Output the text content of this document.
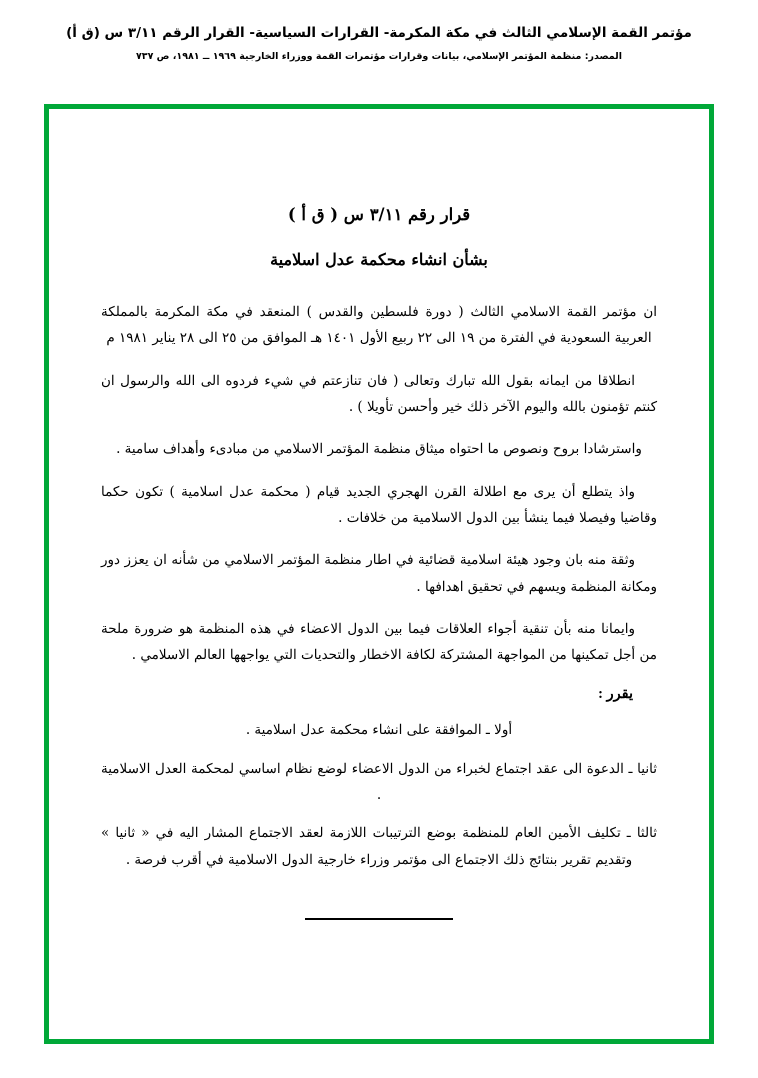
مؤتمر القمة الإسلامي الثالث في مكة المكرمة- القرارات السياسية- القرار الرقم ٣/١١ س (ق أ)
المصدر: منظمة المؤتمر الإسلامي، بيانات وقرارات مؤتمرات القمة ووزراء الخارجية ١٩٦٩ ــ ١٩٨١، ص ٧٣٧
قرار رقم ٣/١١ س ( ق أ )
بشأن انشاء محكمة عدل اسلامية

ان مؤتمر القمة الاسلامي الثالث ( دورة فلسطين والقدس ) المنعقد في مكة المكرمة بالمملكة العربية السعودية في الفترة من ١٩ الى ٢٢ ربيع الأول ١٤٠١ هـ الموافق من ٢٥ الى ٢٨ يناير ١٩٨١ م

انطلاقا من ايمانه بقول الله تبارك وتعالى ( فان تنازعتم في شيء فردوه الى الله والرسول ان كنتم تؤمنون بالله واليوم الآخر ذلك خير وأحسن تأويلا ) .

واسترشادا بروح ونصوص ما احتواه ميثاق منظمة المؤتمر الاسلامي من مبادىء وأهداف سامية .

واذ يتطلع أن يرى مع اطلالة القرن الهجري الجديد قيام ( محكمة عدل اسلامية ) تكون حكما وقاضيا وفيصلا فيما ينشأ بين الدول الاسلامية من خلافات .

وثقة منه بان وجود هيئة اسلامية قضائية في اطار منظمة المؤتمر الاسلامي من شأنه ان يعزز دور ومكانة المنظمة ويسهم في تحقيق اهدافها .

وايمانا منه بأن تنقية أجواء العلاقات فيما بين الدول الاعضاء في هذه المنظمة هو ضرورة ملحة من أجل تمكينها من المواجهة المشتركة لكافة الاخطار والتحديات التي يواجهها العالم الاسلامي .

يقرر :

أولا ـ الموافقة على انشاء محكمة عدل اسلامية .

ثانيا ـ الدعوة الى عقد اجتماع لخبراء من الدول الاعضاء لوضع نظام اساسي لمحكمة العدل الاسلامية .

ثالثا ـ تكليف الأمين العام للمنظمة بوضع الترتيبات اللازمة لعقد الاجتماع المشار اليه في « ثانيا » وتقديم تقرير بنتائج ذلك الاجتماع الى مؤتمر وزراء خارجية الدول الاسلامية في أقرب فرصة .
